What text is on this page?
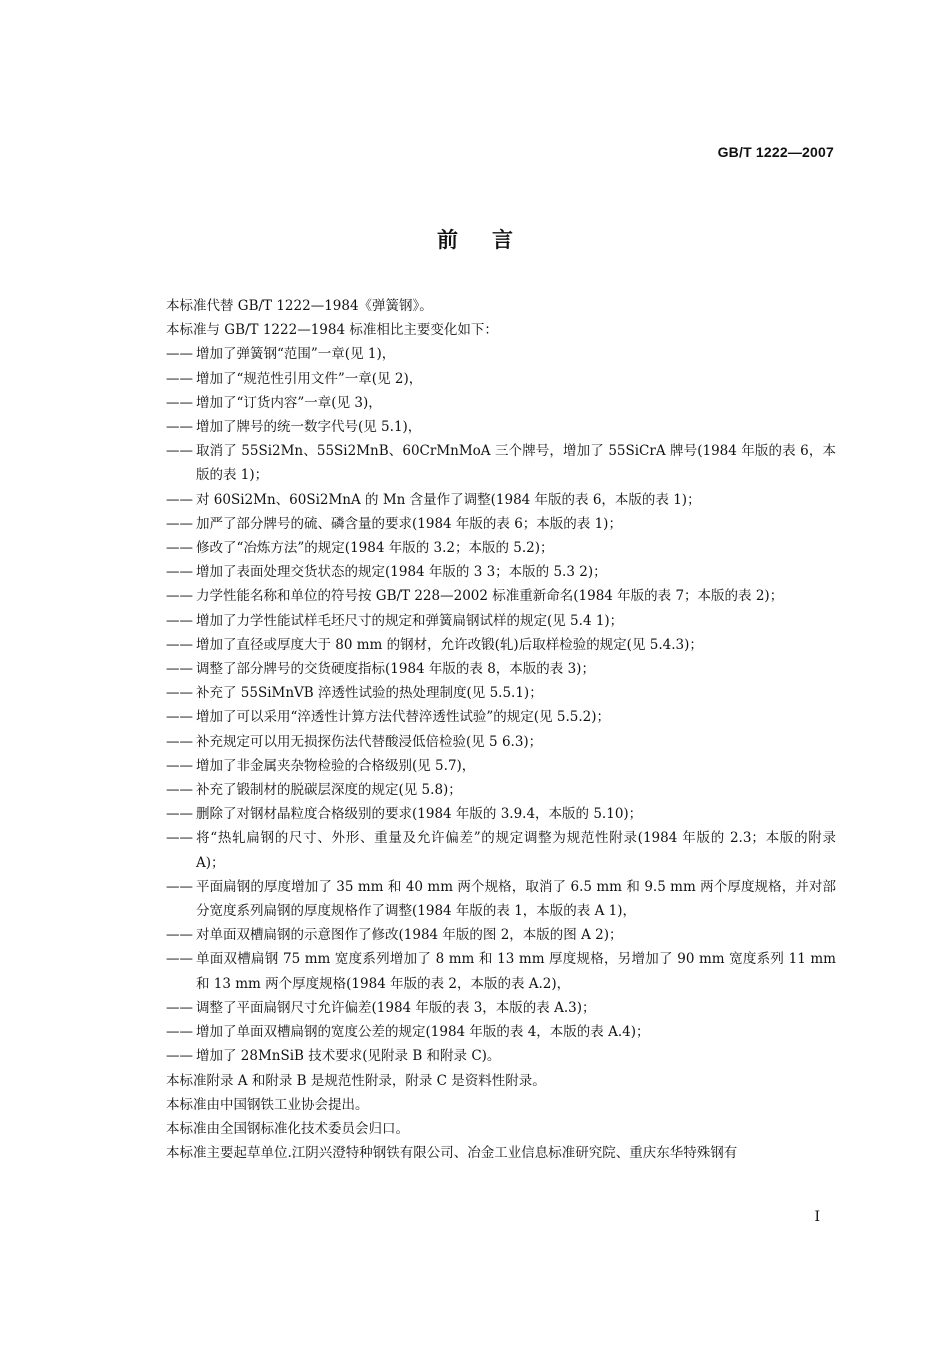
GB/T 1222—2007
前言

本标准代替 GB/T 1222—1984《弹簧钢》。

本标准与 GB/T 1222—1984 标准相比主要变化如下：

—— 增加了弹簧钢“范围”一章(见 1)，
—— 增加了“规范性引用文件”一章(见 2)，
—— 增加了“订货内容”一章(见 3)，
—— 增加了牌号的统一数字代号(见 5.1)，
—— 取消了 55Si2Mn、55Si2MnB、60CrMnMoA 三个牌号，增加了 55SiCrA 牌号(1984 年版的表 6，本版的表 1)；
—— 对 60Si2Mn、60Si2MnA 的 Mn 含量作了调整(1984 年版的表 6，本版的表 1)；
—— 加严了部分牌号的硫、磷含量的要求(1984 年版的表 6；本版的表 1)；
—— 修改了“冶炼方法”的规定(1984 年版的 3.2；本版的 5.2)；
—— 增加了表面处理交货状态的规定(1984 年版的 3 3；本版的 5.3 2)；
—— 力学性能名称和单位的符号按 GB/T 228—2002 标准重新命名(1984 年版的表 7；本版的表 2)；
—— 增加了力学性能试样毛坯尺寸的规定和弹簧扁钢试样的规定(见 5.4 1)；
—— 增加了直径或厚度大于 80 mm 的钢材，允许改锻(轧)后取样检验的规定(见 5.4.3)；
—— 调整了部分牌号的交货硬度指标(1984 年版的表 8，本版的表 3)；
—— 补充了 55SiMnVB 淬透性试验的热处理制度(见 5.5.1)；
—— 增加了可以采用“淬透性计算方法代替淬透性试验”的规定(见 5.5.2)；
—— 补充规定可以用无损探伤法代替酸浸低倍检验(见 5 6.3)；
—— 增加了非金属夹杂物检验的合格级别(见 5.7)，
—— 补充了锻制材的脱碳层深度的规定(见 5.8)；
—— 删除了对钢材晶粒度合格级别的要求(1984 年版的 3.9.4，本版的 5.10)；
—— 将“热轧扁钢的尺寸、外形、重量及允许偏差”的规定调整为规范性附录(1984 年版的 2.3；本版的附录 A)；
—— 平面扁钢的厚度增加了 35 mm 和 40 mm 两个规格，取消了 6.5 mm 和 9.5 mm 两个厚度规格，并对部分宽度系列扁钢的厚度规格作了调整(1984 年版的表 1，本版的表 A 1)，
—— 对单面双槽扁钢的示意图作了修改(1984 年版的图 2，本版的图 A 2)；
—— 单面双槽扁钢 75 mm 宽度系列增加了 8 mm 和 13 mm 厚度规格，另增加了 90 mm 宽度系列 11 mm 和 13 mm 两个厚度规格(1984 年版的表 2，本版的表 A.2)，
—— 调整了平面扁钢尺寸允许偏差(1984 年版的表 3，本版的表 A.3)；
—— 增加了单面双槽扁钢的宽度公差的规定(1984 年版的表 4，本版的表 A.4)；
—— 增加了 28MnSiB 技术要求(见附录 B 和附录 C)。

本标准附录 A 和附录 B 是规范性附录，附录 C 是资料性附录。

本标准由中国钢铁工业协会提出。

本标准由全国钢标准化技术委员会归口。

本标准主要起草单位.江阴兴澄特种钢铁有限公司、冶金工业信息标准研究院、重庆东华特殊钢有

I
